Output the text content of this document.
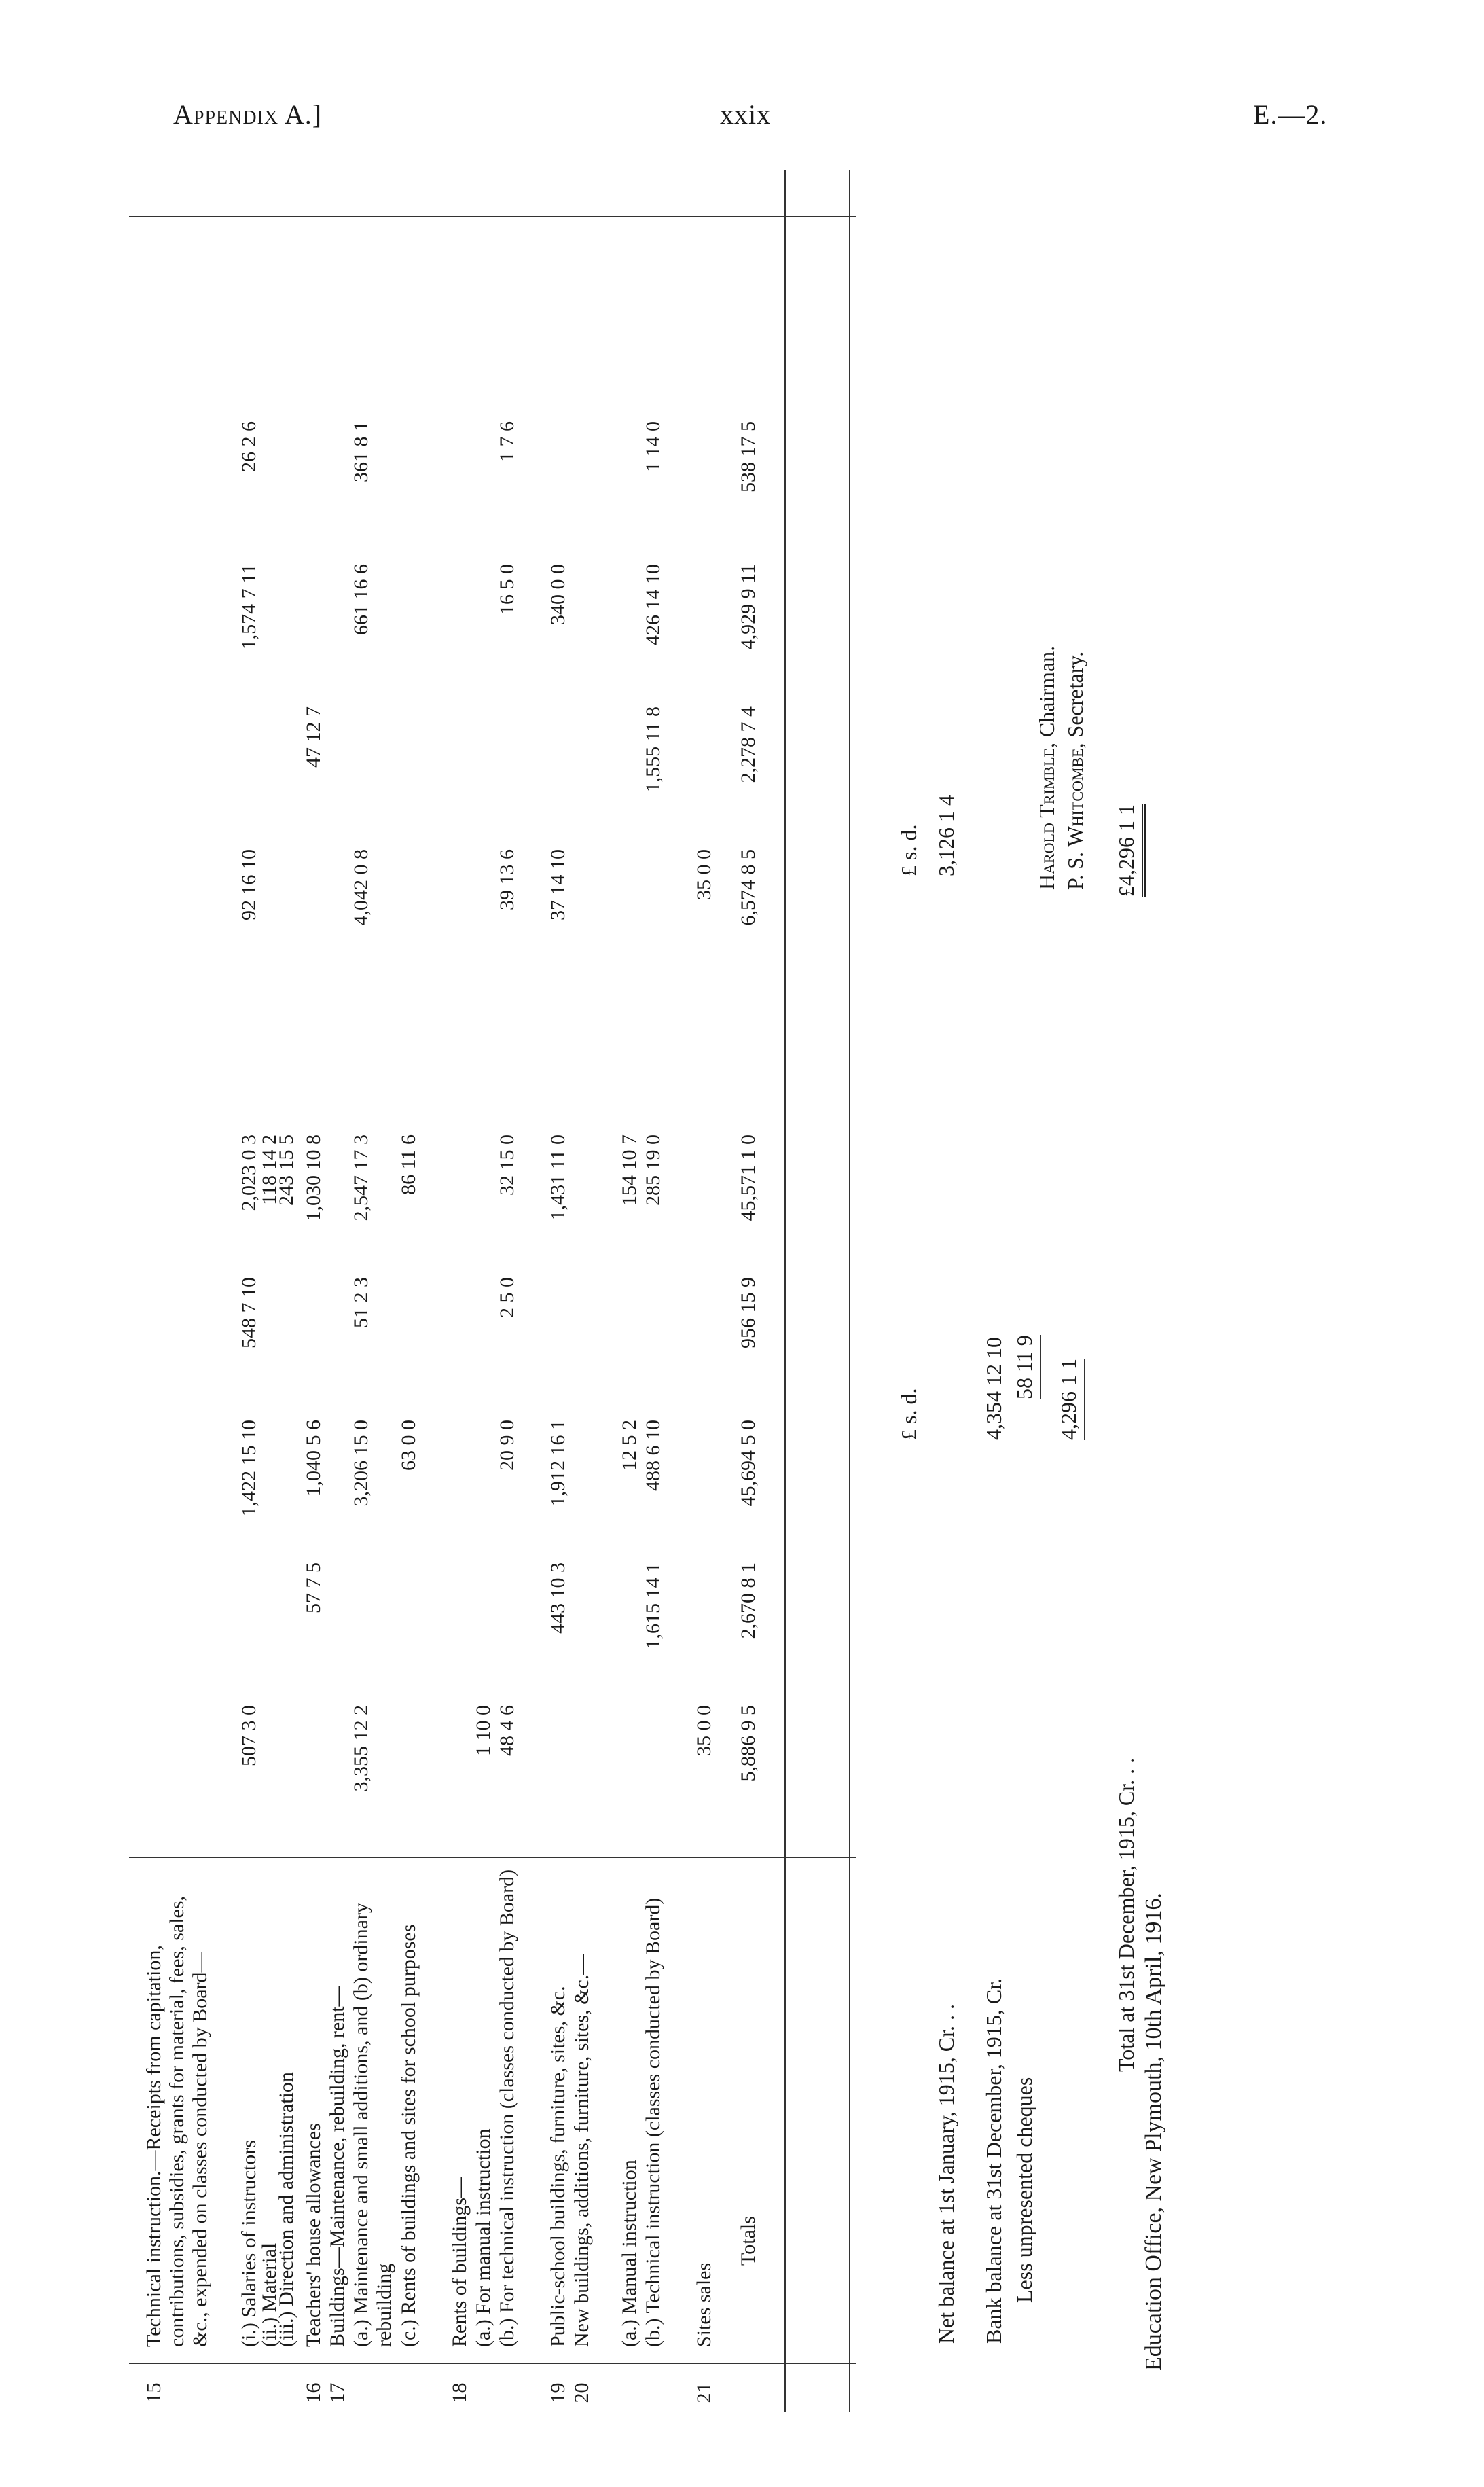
Appendix A.]	xxix	E.—2.
15
Technical instruction.—Receipts from capitation, contributions, subsidies, grants for material, fees, sales, &c., expended on classes conducted by Board— (i.) Salaries of instructors
507 3 0
1,422 15 10
548 7 10
2,023 0 3
92 16 10
1,574 7 11
26 2 6
(ii.) Material
118 14 2
(iii.) Direction and administration
243 15 5
16
Teachers' house allowances
57 7 5
1,040 5 6
1,030 10 8
47 12 7
17
Buildings—Maintenance, rebuilding, rent— (a.) Maintenance and small additions, and (b) ordinary rebuilding
3,355 12 2
3,206 15 0
51 2 3
2,547 17 3
4,042 0 8
661 16 6
361 8 1
(c.) Rents of buildings and sites for school purposes
63 0 0
86 11 6
18
Rents of buildings— (a.) For manual instruction
1 10 0
(b.) For technical instruction (classes conducted by Board)
48 4 6
20 9 0
2 5 0
32 15 0
39 13 6
16 5 0
1 7 6
19
Public-school buildings, furniture, sites, &c.
443 10 3
1,912 16 1
1,431 11 0
37 14 10
340 0 0
20
New buildings, additions, furniture, sites, &c.— (a.) Manual instruction
12 5 2
154 10 7
(b.) Technical instruction (classes conducted by Board)
1,615 14 1
488 6 10
285 19 0
1,555 11 8
426 14 10
1 14 0
21
Sites sales
35 0 0
35 0 0
Totals
5,886 9 5
2,670 8 1
45,694 5 0
956 15 9
45,571 1 0
6,574 8 5
2,278 7 4
4,929 9 11
538 17 5
£ s. d.
£ s. d.
Net balance at 1st January, 1915, Cr. . .
3,126 1 4
Bank balance at 31st December, 1915, Cr.
4,354 12 10
Less unpresented cheques
58 11 9 4,296 1 1
Total at 31st December, 1915, Cr. . .
£4,296 1 1
Harold Trimble, Chairman.
P. S. Whitcombe, Secretary.
Education Office, New Plymouth, 10th April, 1916.
